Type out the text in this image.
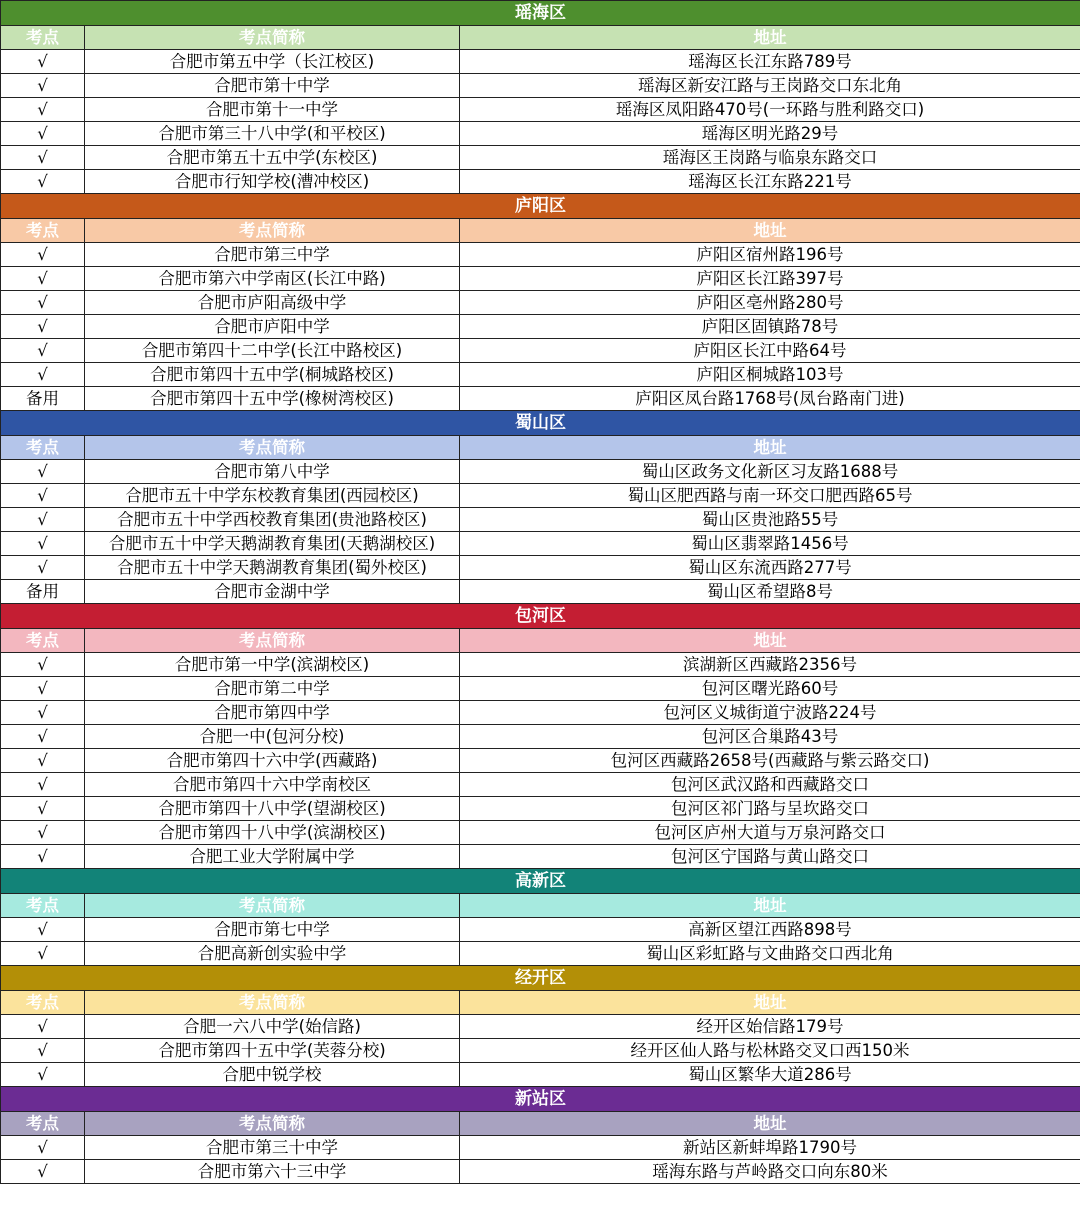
瑶海区		
考点	考点简称	地址
√	合肥市第五中学（长江校区)	瑶海区长江东路789号
√	合肥市第十中学	瑶海区新安江路与王岗路交口东北角
√	合肥市第十一中学	瑶海区凤阳路470号(一环路与胜利路交口)
√	合肥市第三十八中学(和平校区)	瑶海区明光路29号
√	合肥市第五十五中学(东校区)	瑶海区王岗路与临泉东路交口
√	合肥市行知学校(漕冲校区)	瑶海区长江东路221号
庐阳区		
考点	考点简称	地址
√	合肥市第三中学	庐阳区宿州路196号
√	合肥市第六中学南区(长江中路)	庐阳区长江路397号
√	合肥市庐阳高级中学	庐阳区亳州路280号
√	合肥市庐阳中学	庐阳区固镇路78号
√	合肥市第四十二中学(长江中路校区)	庐阳区长江中路64号
√	合肥市第四十五中学(桐城路校区)	庐阳区桐城路103号
备用	合肥市第四十五中学(橡树湾校区)	庐阳区凤台路1768号(凤台路南门进)
蜀山区		
考点	考点简称	地址
√	合肥市第八中学	蜀山区政务文化新区习友路1688号
√	合肥市五十中学东校教育集团(西园校区)	蜀山区肥西路与南一环交口肥西路65号
√	合肥市五十中学西校教育集团(贵池路校区)	蜀山区贵池路55号
√	合肥市五十中学天鹅湖教育集团(天鹅湖校区)	蜀山区翡翠路1456号
√	合肥市五十中学天鹅湖教育集团(蜀外校区)	蜀山区东流西路277号
备用	合肥市金湖中学	蜀山区希望路8号
包河区		
考点	考点简称	地址
√	合肥市第一中学(滨湖校区)	滨湖新区西藏路2356号
√	合肥市第二中学	包河区曙光路60号
√	合肥市第四中学	包河区义城街道宁波路224号
√	合肥一中(包河分校)	包河区合巢路43号
√	合肥市第四十六中学(西藏路)	包河区西藏路2658号(西藏路与紫云路交口)
√	合肥市第四十六中学南校区	包河区武汉路和西藏路交口
√	合肥市第四十八中学(望湖校区)	包河区祁门路与呈坎路交口
√	合肥市第四十八中学(滨湖校区)	包河区庐州大道与万泉河路交口
√	合肥工业大学附属中学	包河区宁国路与黄山路交口
高新区		
考点	考点简称	地址
√	合肥市第七中学	高新区望江西路898号
√	合肥高新创实验中学	蜀山区彩虹路与文曲路交口西北角
经开区		
考点	考点简称	地址
√	合肥一六八中学(始信路)	经开区始信路179号
√	合肥市第四十五中学(芙蓉分校)	经开区仙人路与松林路交叉口西150米
√	合肥中锐学校	蜀山区繁华大道286号
新站区		
考点	考点简称	地址
√	合肥市第三十中学	新站区新蚌埠路1790号
√	合肥市第六十三中学	瑶海东路与芦岭路交口向东80米
